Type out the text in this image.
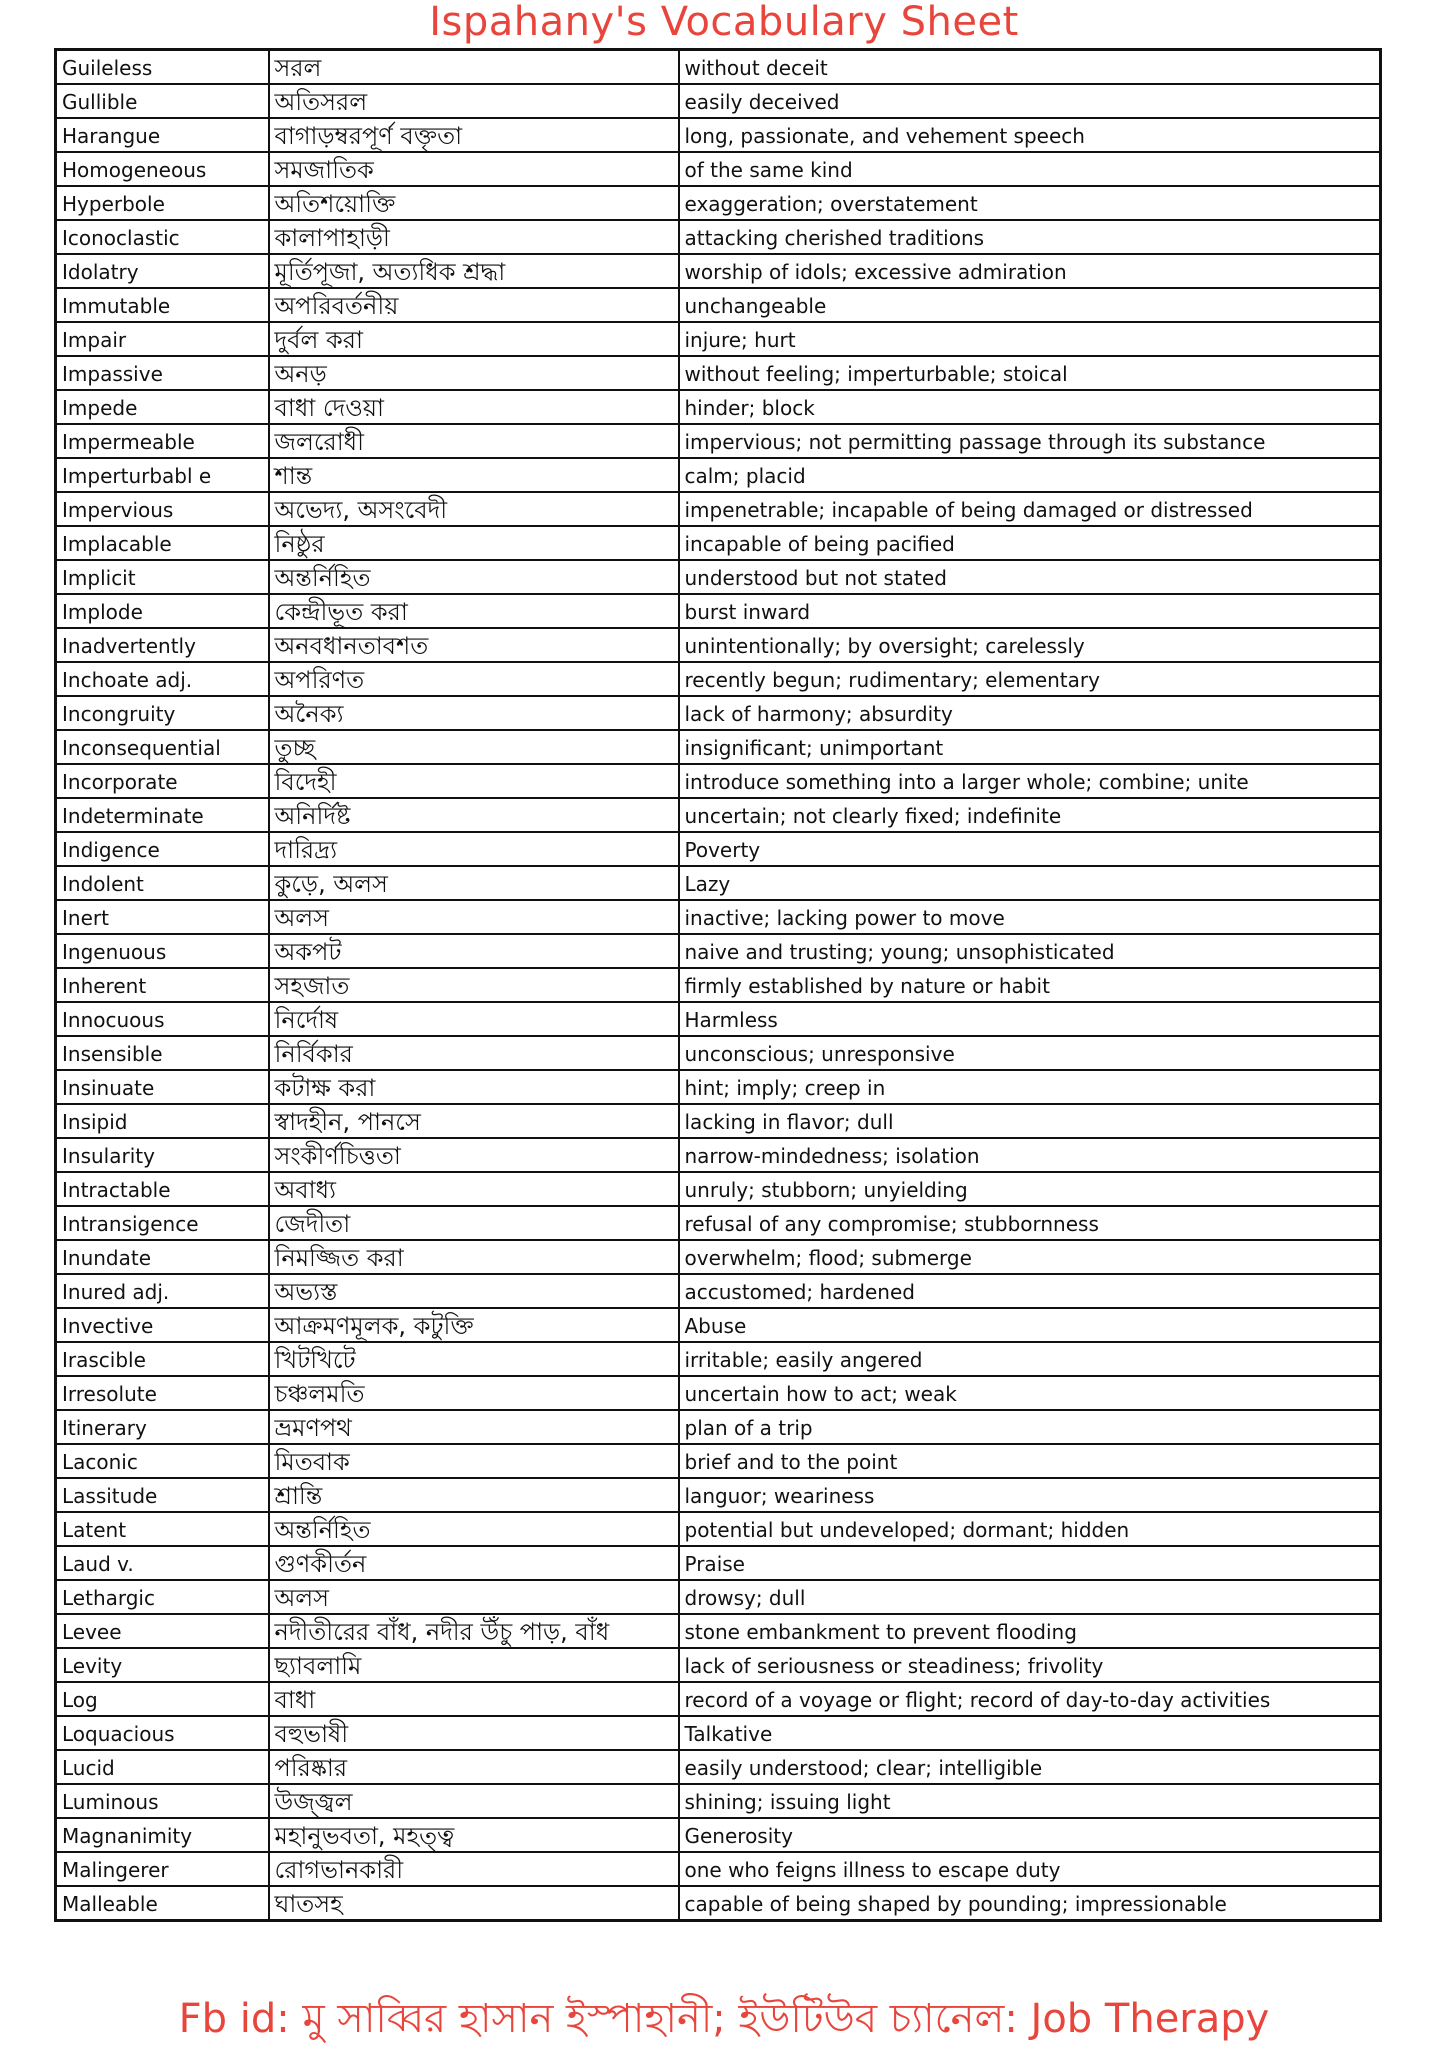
Ispahany's Vocabulary Sheet
Guileless	সরল	without deceit
Gullible	অতিসরল	easily deceived
Harangue	বাগাড়ম্বরপূর্ণ বক্তৃতা	long, passionate, and vehement speech
Homogeneous	সমজাতিক	of the same kind
Hyperbole	অতিশয়োক্তি	exaggeration; overstatement
Iconoclastic	কালাপাহাড়ী	attacking cherished traditions
Idolatry	মূর্তিপূজা, অত্যধিক শ্রদ্ধা	worship of idols; excessive admiration
Immutable	অপরিবর্তনীয়	unchangeable
Impair	দুর্বল করা	injure; hurt
Impassive	অনড়	without feeling; imperturbable; stoical
Impede	বাধা দেওয়া	hinder; block
Impermeable	জলরোধী	impervious; not permitting passage through its substance
Imperturbabl e	শান্ত	calm; placid
Impervious	অভেদ্য, অসংবেদী	impenetrable; incapable of being damaged or distressed
Implacable	নিষ্ঠুর	incapable of being pacified
Implicit	অন্তর্নিহিত	understood but not stated
Implode	কেন্দ্রীভূত করা	burst inward
Inadvertently	অনবধানতাবশত	unintentionally; by oversight; carelessly
Inchoate adj.	অপরিণত	recently begun; rudimentary; elementary
Incongruity	অনৈক্য	lack of harmony; absurdity
Inconsequential	তুচ্ছ	insignificant; unimportant
Incorporate	বিদেহী	introduce something into a larger whole; combine; unite
Indeterminate	অনির্দিষ্ট	uncertain; not clearly fixed; indefinite
Indigence	দারিদ্র্য	Poverty
Indolent	কুড়ে, অলস	Lazy
Inert	অলস	inactive; lacking power to move
Ingenuous	অকপট	naive and trusting; young; unsophisticated
Inherent	সহজাত	firmly established by nature or habit
Innocuous	নির্দোষ	Harmless
Insensible	নির্বিকার	unconscious; unresponsive
Insinuate	কটাক্ষ করা	hint; imply; creep in
Insipid	স্বাদহীন, পানসে	lacking in flavor; dull
Insularity	সংকীর্ণচিত্ততা	narrow-mindedness; isolation
Intractable	অবাধ্য	unruly; stubborn; unyielding
Intransigence	জেদীতা	refusal of any compromise; stubbornness
Inundate	নিমজ্জিত করা	overwhelm; flood; submerge
Inured adj.	অভ্যস্ত	accustomed; hardened
Invective	আক্রমণমূলক, কটুক্তি	Abuse
Irascible	খিটখিটে	irritable; easily angered
Irresolute	চঞ্চলমতি	uncertain how to act; weak
Itinerary	ভ্রমণপথ	plan of a trip
Laconic	মিতবাক	brief and to the point
Lassitude	শ্রান্তি	languor; weariness
Latent	অন্তর্নিহিত	potential but undeveloped; dormant; hidden
Laud v.	গুণকীর্তন	Praise
Lethargic	অলস	drowsy; dull
Levee	নদীতীরের বাঁধ, নদীর উঁচু পাড়, বাঁধ	stone embankment to prevent flooding
Levity	ছ্যাবলামি	lack of seriousness or steadiness; frivolity
Log	বাধা	record of a voyage or flight; record of day-to-day activities
Loquacious	বহুভাষী	Talkative
Lucid	পরিষ্কার	easily understood; clear; intelligible
Luminous	উজ্জ্বল	shining; issuing light
Magnanimity	মহানুভবতা, মহত্ত্ব	Generosity
Malingerer	রোগভানকারী	one who feigns illness to escape duty
Malleable	ঘাতসহ	capable of being shaped by pounding; impressionable
Fb id: মু সাব্বির হাসান ইস্পাহানী; ইউটিউব চ্যানেল: Job Therapy
